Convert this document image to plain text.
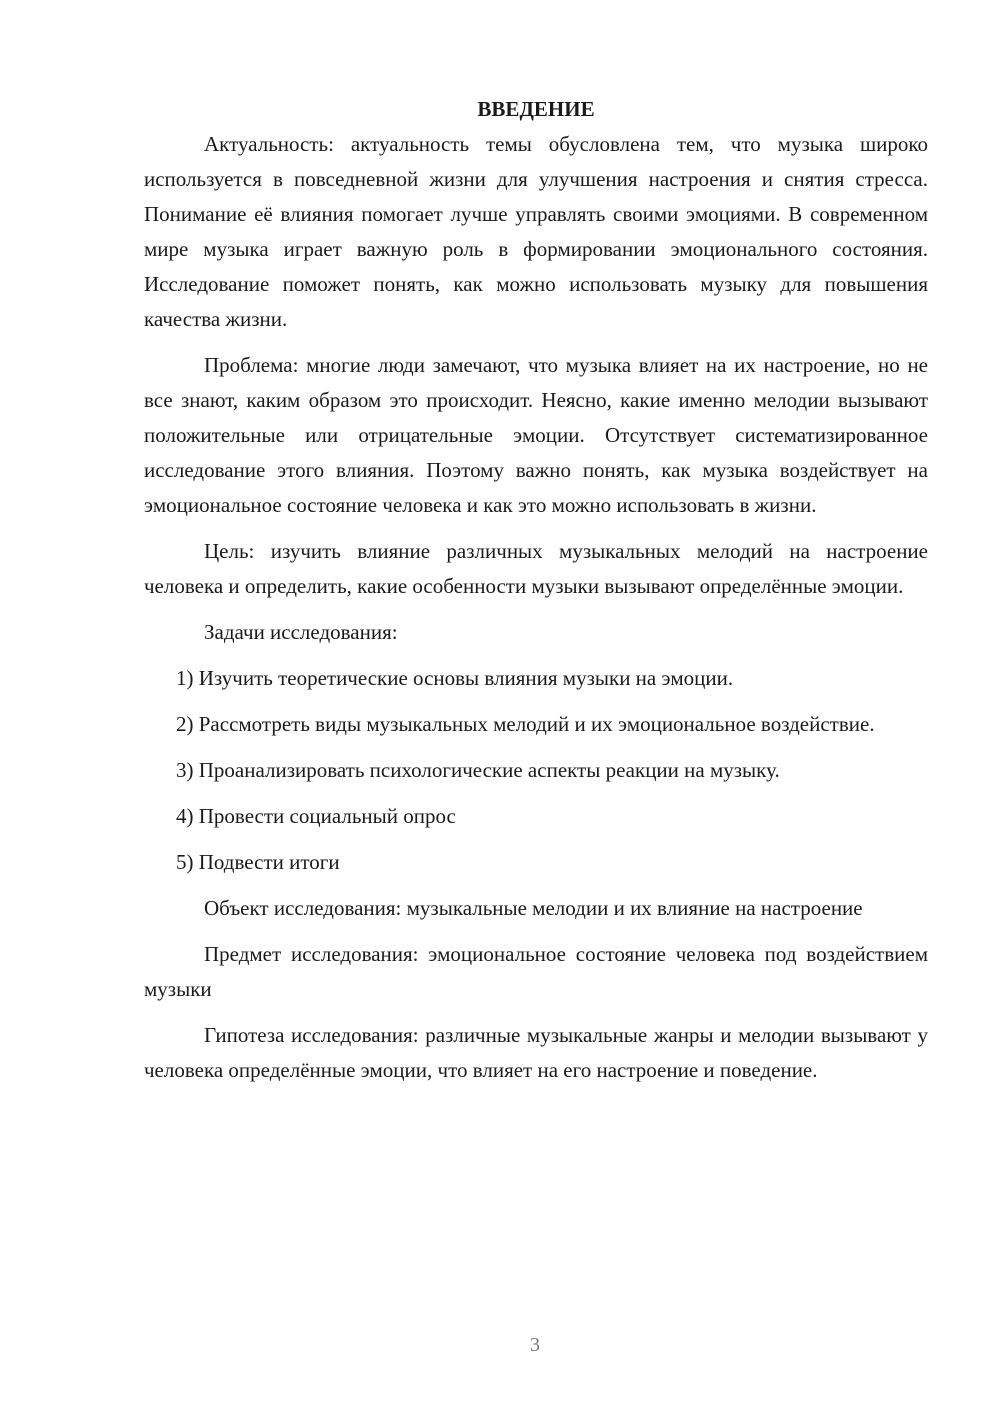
ВВЕДЕНИЕ

Актуальность: актуальность темы обусловлена тем, что музыка широко используется в повседневной жизни для улучшения настроения и снятия стресса. Понимание её влияния помогает лучше управлять своими эмоциями. В современном мире музыка играет важную роль в формировании эмоционального состояния. Исследование поможет понять, как можно использовать музыку для повышения качества жизни.

Проблема: многие люди замечают, что музыка влияет на их настроение, но не все знают, каким образом это происходит. Неясно, какие именно мелодии вызывают положительные или отрицательные эмоции. Отсутствует систематизированное исследование этого влияния. Поэтому важно понять, как музыка воздействует на эмоциональное состояние человека и как это можно использовать в жизни.

Цель: изучить влияние различных музыкальных мелодий на настроение человека и определить, какие особенности музыки вызывают определённые эмоции.

Задачи исследования:

1) Изучить теоретические основы влияния музыки на эмоции.

2) Рассмотреть виды музыкальных мелодий и их эмоциональное воздействие.

3) Проанализировать психологические аспекты реакции на музыку.

4) Провести социальный опрос

5) Подвести итоги

Объект исследования: музыкальные мелодии и их влияние на настроение

Предмет исследования: эмоциональное состояние человека под воздействием музыки

Гипотеза исследования: различные музыкальные жанры и мелодии вызывают у человека определённые эмоции, что влияет на его настроение и поведение.

3
